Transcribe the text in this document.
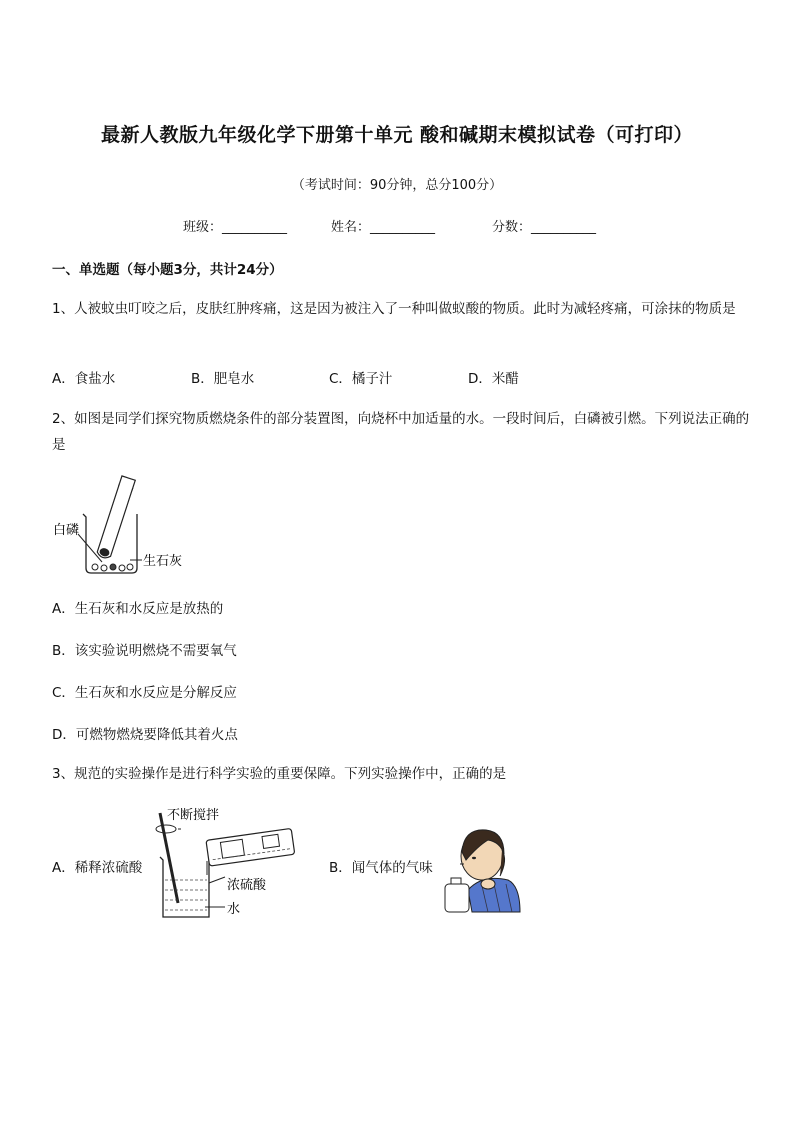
最新人教版九年级化学下册第十单元 酸和碱期末模拟试卷（可打印）
（考试时间：90分钟，总分100分）
班级：__________	姓名：__________	分数：__________
一、单选题（每小题3分，共计24分）
1、人被蚊虫叮咬之后，皮肤红肿疼痛，这是因为被注入了一种叫做蚁酸的物质。此时为减轻疼痛，可涂抹的物质是
A．食盐水	B．肥皂水	C．橘子汁	D．米醋
2、如图是同学们探究物质燃烧条件的部分装置图，向烧杯中加适量的水。一段时间后，白磷被引燃。下列说法正确的是
白磷
生石灰
A．生石灰和水反应是放热的
B．该实验说明燃烧不需要氧气
C．生石灰和水反应是分解反应
D．可燃物燃烧要降低其着火点
3、规范的实验操作是进行科学实验的重要保障。下列实验操作中，正确的是
A．稀释浓硫酸
不断搅拌
浓硫酸
水
B．闻气体的气味
